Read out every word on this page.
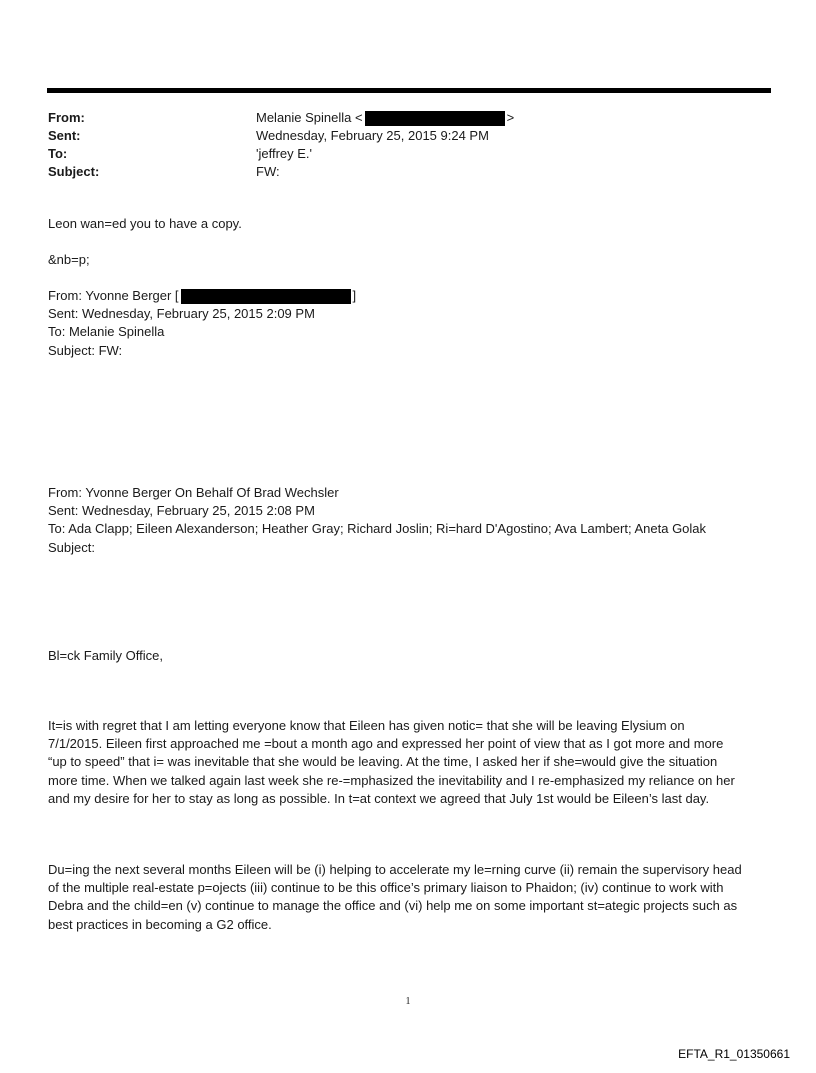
From:	Melanie Spinella <	>
Sent:	Wednesday, February 25, 2015 9:24 PM
To:	'jeffrey E.'
Subject:	FW:
Leon wan=ed you to have a copy.
&nb=p;
From: Yvonne Berger [	]
Sent: Wednesday, February 25, 2015 2:09 PM
To: Melanie Spinella
Subject: FW:
From: Yvonne Berger On Behalf Of Brad Wechsler
Sent: Wednesday, February 25, 2015 2:08 PM
To: Ada Clapp; Eileen Alexanderson; Heather Gray; Richard Joslin; Ri=hard D'Agostino; Ava Lambert; Aneta Golak
Subject:
Bl=ck Family Office,
It=is with regret that I am letting everyone know that Eileen has given notic= that she will be leaving Elysium on
7/1/2015. Eileen first approached me =bout a month ago and expressed her point of view that as I got more and more
“up to speed” that i= was inevitable that she would be leaving. At the time, I asked her if she=would give the situation
more time. When we talked again last week she re-=mphasized the inevitability and I re-emphasized my reliance on her
and my desire for her to stay as long as possible. In t=at context we agreed that July 1st would be Eileen’s last day.
Du=ing the next several months Eileen will be (i) helping to accelerate my le=rning curve (ii) remain the supervisory head
of the multiple real-estate p=ojects (iii) continue to be this office’s primary liaison to Phaidon; (iv) continue to work with
Debra and the child=en (v) continue to manage the office and (vi) help me on some important st=ategic projects such as
best practices in becoming a G2 office.
1
EFTA_R1_01350661
